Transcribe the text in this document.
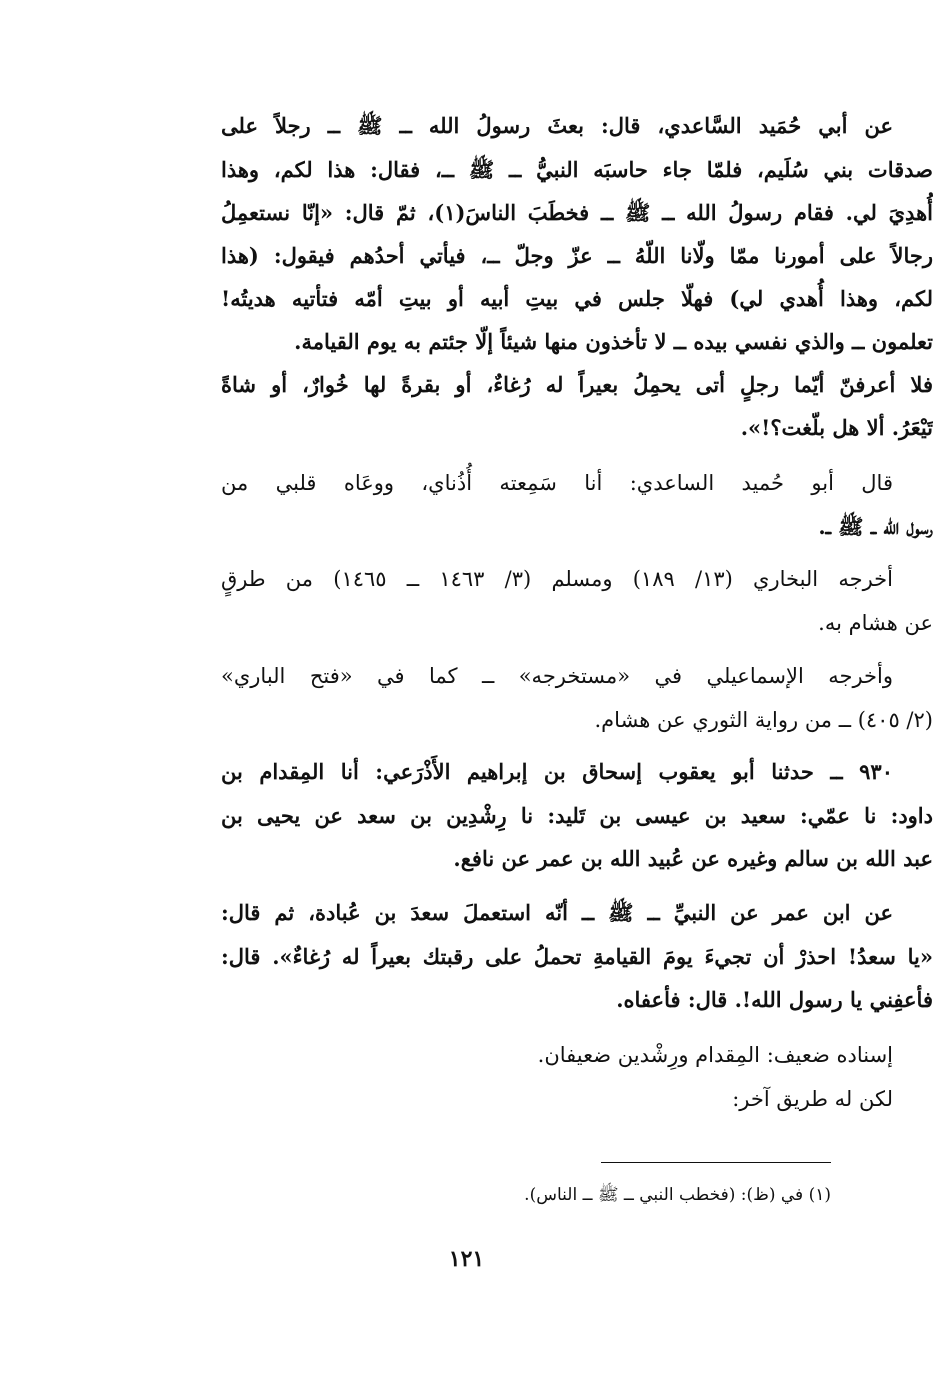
عن أبي حُمَيد السَّاعدي، قال: بعثَ رسولُ الله ــ ﷺ ــ رجلاً على
صدقات بني سُلَيم، فلمّا جاء حاسبَه النبيُّ ــ ﷺ ــ، فقال: هذا لكم، وهذا
أُهدِيَ لي. فقام رسولُ الله ــ ﷺ ــ فخطَبَ الناسَ(١)، ثمّ قال: «إنّا نستعمِلُ
رجالاً على أمورنا ممّا ولّانا اللّهُ ــ عزّ وجلّ ــ، فيأتي أحدُهم فيقول: (هذا
لكم، وهذا أُهدي لي) فهلّا جلس في بيتِ أبيه أو بيتِ أمّه فتأتيه هديتُه!
تعلمون ــ والذي نفسي بيده ــ لا تأخذون منها شيئاً إلّا جئتم به يوم القيامة.
فلا أعرفنّ أيّما رجلٍ أتى يحمِلُ بعيراً له رُغاءٌ، أو بقرةً لها خُوارٌ، أو شاةً
تَيْعَرُ. ألا هل بلّغت؟!».
قال أبو حُميد الساعدي: أنا سَمِعته أُذُناي، ووعَاه قلبي من
رسول الله ــ ﷺ ــ.
أخرجه البخاري (١٣/ ١٨٩) ومسلم (٣/ ١٤٦٣ ــ ١٤٦٥) من طرقٍ
عن هشام به.
وأخرجه الإسماعيلي في «مستخرجه» ــ كما في «فتح الباري»
(٢/ ٤٠٥) ــ من رواية الثوري عن هشام.
٩٣٠ ــ حدثنا أبو يعقوب إسحاق بن إبراهيم الأَذْرَعي: أنا المِقدام بن
داود: نا عمّي: سعيد بن عيسى بن تَليد: نا رِشْدِين بن سعد عن يحيى بن
عبد الله بن سالم وغيره عن عُبيد الله بن عمر عن نافع.
عن ابن عمر عن النبيِّ ــ ﷺ ــ أنّه استعملَ سعدَ بن عُبادة، ثم قال:
«يا سعدُ! احذرْ أن تجيءَ يومَ القيامةِ تحملُ على رقبتك بعيراً له رُغاءٌ». قال:
فأعفِني يا رسول الله!. قال: فأعفاه.
إسناده ضعيف: المِقدام ورِشْدين ضعيفان.
لكن له طريق آخر:
(١) في (ظ): (فخطب النبي ــ ﷺ ــ الناس).
١٢١
